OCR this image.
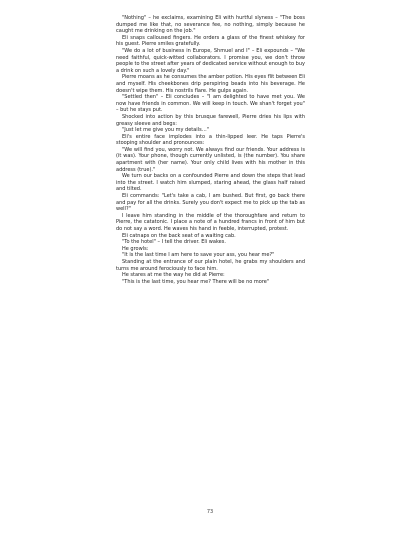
"Nothing" – he exclaims, examining Eli with hurtful slyness – "The boss dumped me like that, no severance fee, no nothing, simply because he caught me drinking on the job."

Eli snaps calloused fingers. He orders a glass of the finest whiskey for his guest. Pierre smiles gratefully.

"We do a lot of business in Europe, Shmuel and I" – Eli expounds – "We need faithful, quick-witted collaborators. I promise you, we don't throw people to the street after years of dedicated service without enough to buy a drink on such a lovely day."

Pierre moans as he consumes the amber potion. His eyes flit between Eli and myself. His cheekbones drip perspiring beads into his beverage. He doesn't wipe them. His nostrils flare. He gulps again.

"Settled then" – Eli concludes – "I am delighted to have met you. We now have friends in common. We will keep in touch. We shan't forget you" – but he stays put.

Shocked into action by this brusque farewell, Pierre dries his lips with greasy sleeve and begs:

"Just let me give you my details…"

Eli's entire face implodes into a thin-lipped leer. He taps Pierre's stooping shoulder and pronounces:

"We will find you, worry not. We always find our friends. Your address is (it was). Your phone, though currently unlisted, is (the number). You share apartment with (her name). Your only child lives with his mother in this address (true)."

We turn our backs on a confounded Pierre and down the steps that lead into the street. I watch him slumped, staring ahead, the glass half raised and tilted.

Eli commands: "Let's take a cab, I am bushed. But first, go back there and pay for all the drinks. Surely you don't expect me to pick up the tab as well?"

I leave him standing in the middle of the thoroughfare and return to Pierre, the catatonic. I place a note of a hundred francs in front of him but do not say a word. He waves his hand in feeble, interrupted, protest.

Eli catnaps on the back seat of a waiting cab.

"To the hotel" – I tell the driver. Eli wakes.

He growls:

"It is the last time I am here to save your ass, you hear me?"

Standing at the entrance of our plain hotel, he grabs my shoulders and turns me around ferociously to face him.

He stares at me the way he did at Pierre:

"This is the last time, you hear me? There will be no more"

73
